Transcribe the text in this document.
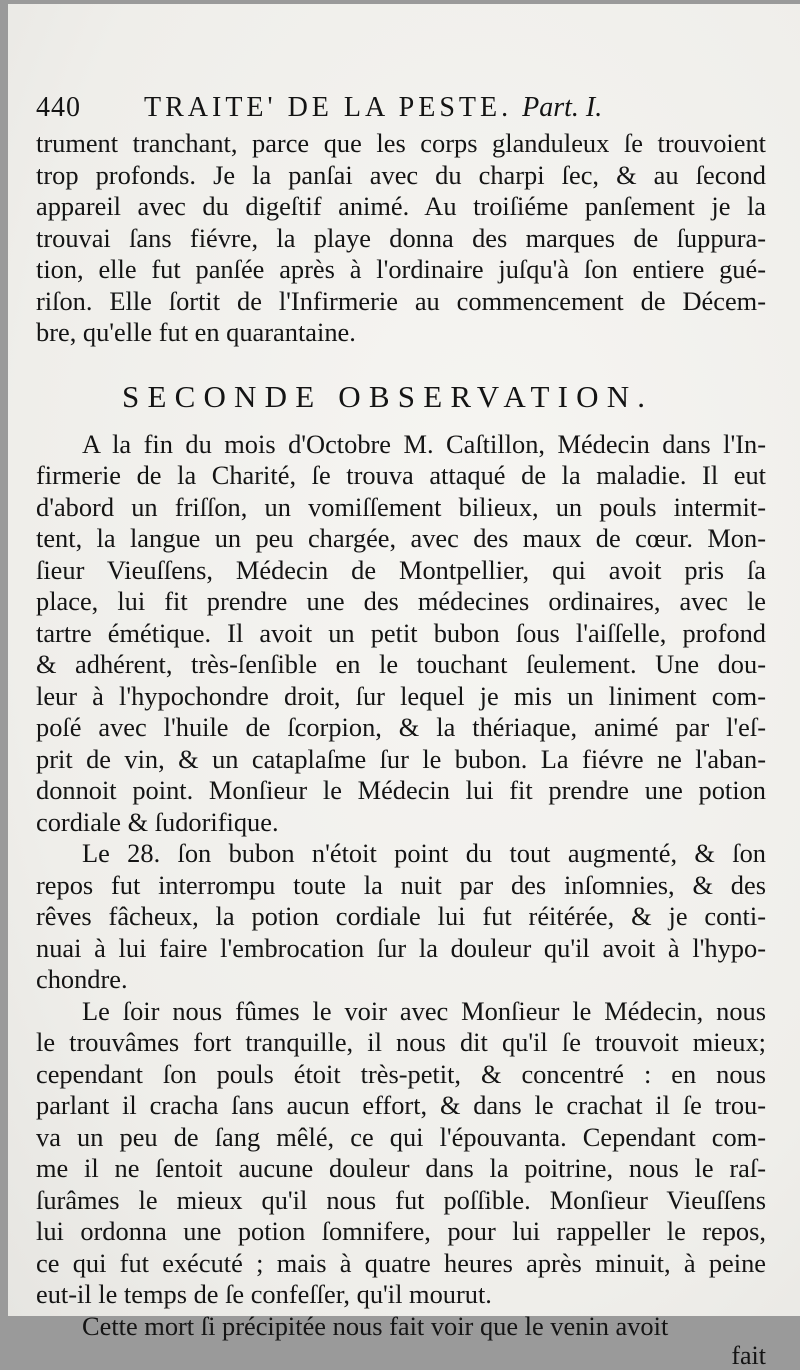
440	TRAITE' DE LA PESTE. Part. I.
trument tranchant, parce que les corps glanduleux ſe trouvoient
trop profonds. Je la panſai avec du charpi ſec, & au ſecond
appareil avec du digeſtif animé. Au troiſiéme panſement je la
trouvai ſans fiévre, la playe donna des marques de ſuppura-
tion, elle fut panſée après à l'ordinaire juſqu'à ſon entiere gué-
riſon. Elle ſortit de l'Infirmerie au commencement de Décem-
bre, qu'elle fut en quarantaine.
SECONDE OBSERVATION.
A la fin du mois d'Octobre M. Caſtillon, Médecin dans l'In-
firmerie de la Charité, ſe trouva attaqué de la maladie. Il eut
d'abord un friſſon, un vomiſſement bilieux, un pouls intermit-
tent, la langue un peu chargée, avec des maux de cœur. Mon-
ſieur Vieuſſens, Médecin de Montpellier, qui avoit pris ſa
place, lui fit prendre une des médecines ordinaires, avec le
tartre émétique. Il avoit un petit bubon ſous l'aiſſelle, profond
& adhérent, très-ſenſible en le touchant ſeulement. Une dou-
leur à l'hypochondre droit, ſur lequel je mis un liniment com-
poſé avec l'huile de ſcorpion, & la thériaque, animé par l'eſ-
prit de vin, & un cataplaſme ſur le bubon. La fiévre ne l'aban-
donnoit point. Monſieur le Médecin lui fit prendre une potion
cordiale & ſudorifique.
Le 28. ſon bubon n'étoit point du tout augmenté, & ſon
repos fut interrompu toute la nuit par des inſomnies, & des
rêves fâcheux, la potion cordiale lui fut réitérée, & je conti-
nuai à lui faire l'embrocation ſur la douleur qu'il avoit à l'hypo-
chondre.
Le ſoir nous fûmes le voir avec Monſieur le Médecin, nous
le trouvâmes fort tranquille, il nous dit qu'il ſe trouvoit mieux;
cependant ſon pouls étoit très-petit, & concentré : en nous
parlant il cracha ſans aucun effort, & dans le crachat il ſe trou-
va un peu de ſang mêlé, ce qui l'épouvanta. Cependant com-
me il ne ſentoit aucune douleur dans la poitrine, nous le raſ-
ſurâmes le mieux qu'il nous fut poſſible. Monſieur Vieuſſens
lui ordonna une potion ſomnifere, pour lui rappeller le repos,
ce qui fut exécuté ; mais à quatre heures après minuit, à peine
eut-il le temps de ſe confeſſer, qu'il mourut.
Cette mort ſi précipitée nous fait voir que le venin avoit
fait
